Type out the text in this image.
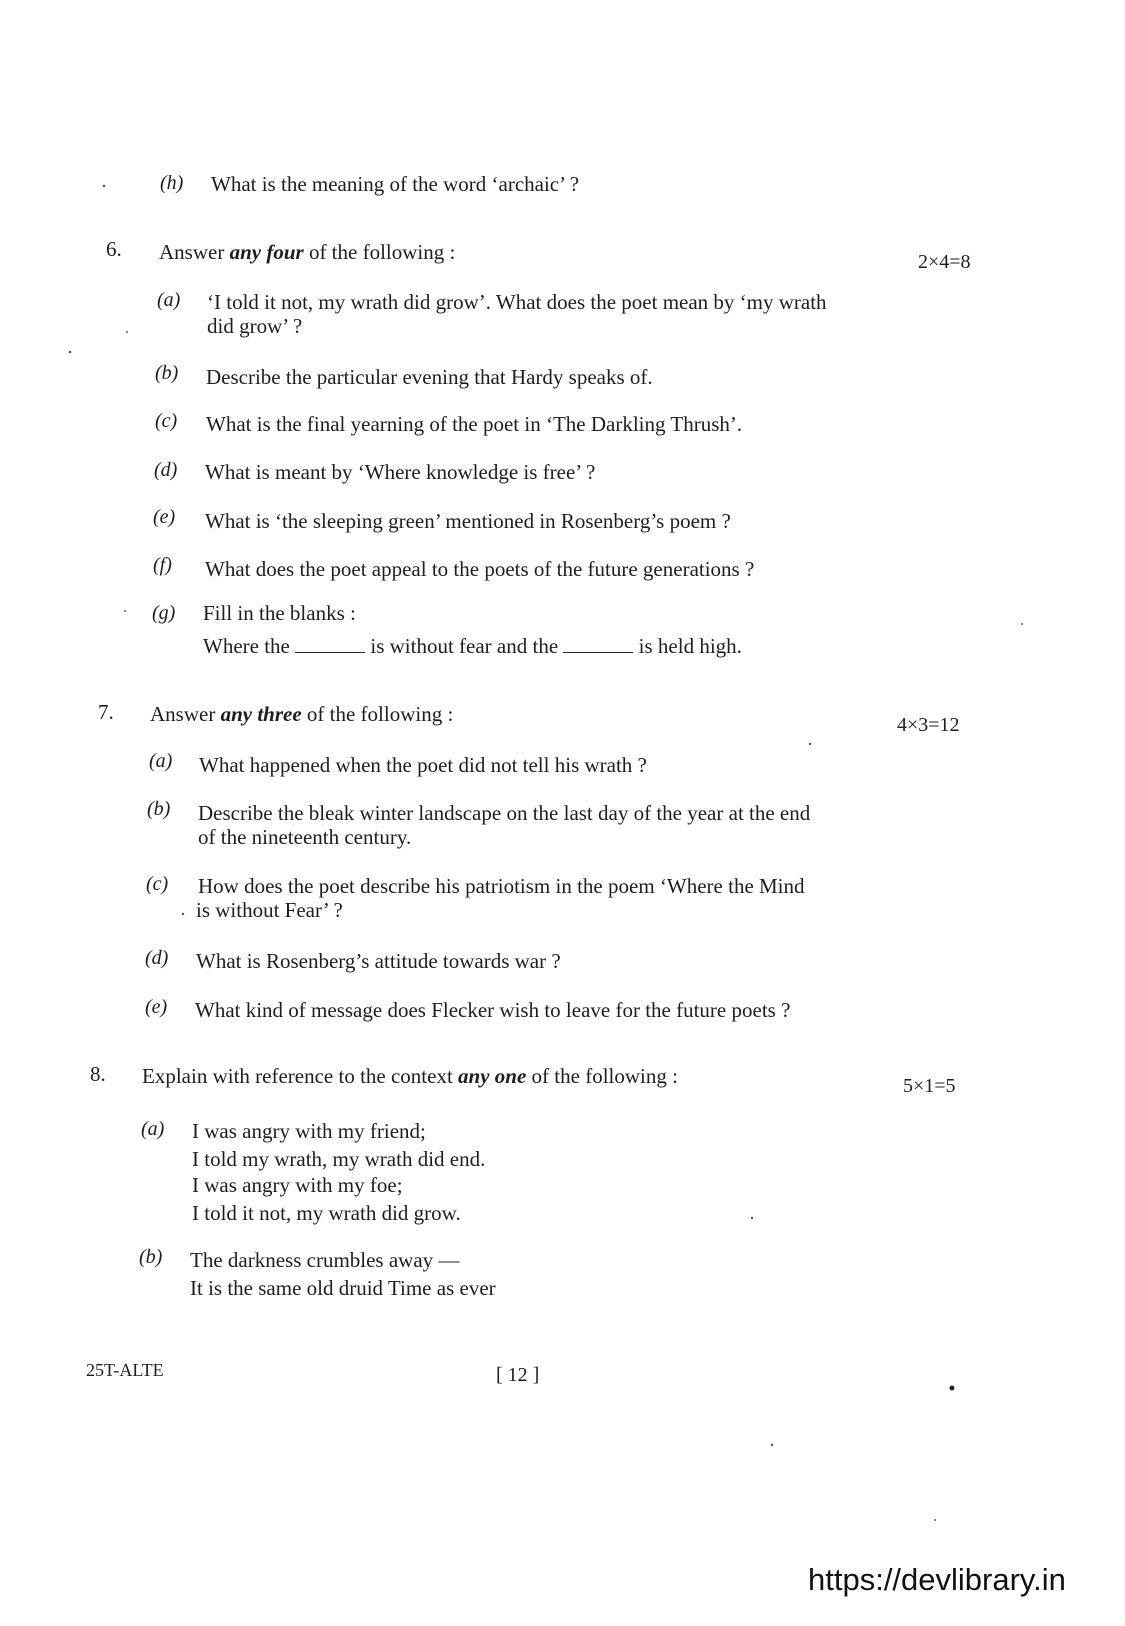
(h) What is the meaning of the word ‘archaic’ ?
6. Answer any four of the following :	2×4=8
(a) ‘I told it not, my wrath did grow’. What does the poet mean by ‘my wrath
did grow’ ?
(b) Describe the particular evening that Hardy speaks of.
(c) What is the final yearning of the poet in ‘The Darkling Thrush’.
(d) What is meant by ‘Where knowledge is free’ ?
(e) What is ‘the sleeping green’ mentioned in Rosenberg’s poem ?
(f) What does the poet appeal to the poets of the future generations ?
(g) Fill in the blanks :
Where the	is without fear and the	is held high.
7. Answer any three of the following :	4×3=12
(a) What happened when the poet did not tell his wrath ?
(b) Describe the bleak winter landscape on the last day of the year at the end
of the nineteenth century.
(c) How does the poet describe his patriotism in the poem ‘Where the Mind
is without Fear’ ?
(d) What is Rosenberg’s attitude towards war ?
(e) What kind of message does Flecker wish to leave for the future poets ?
8. Explain with reference to the context any one of the following :	5×1=5
(a) I was angry with my friend;
I told my wrath, my wrath did end.
I was angry with my foe;
I told it not, my wrath did grow.
(b) The darkness crumbles away —
It is the same old druid Time as ever
25T-ALTE	[ 12 ]
https://devlibrary.in
